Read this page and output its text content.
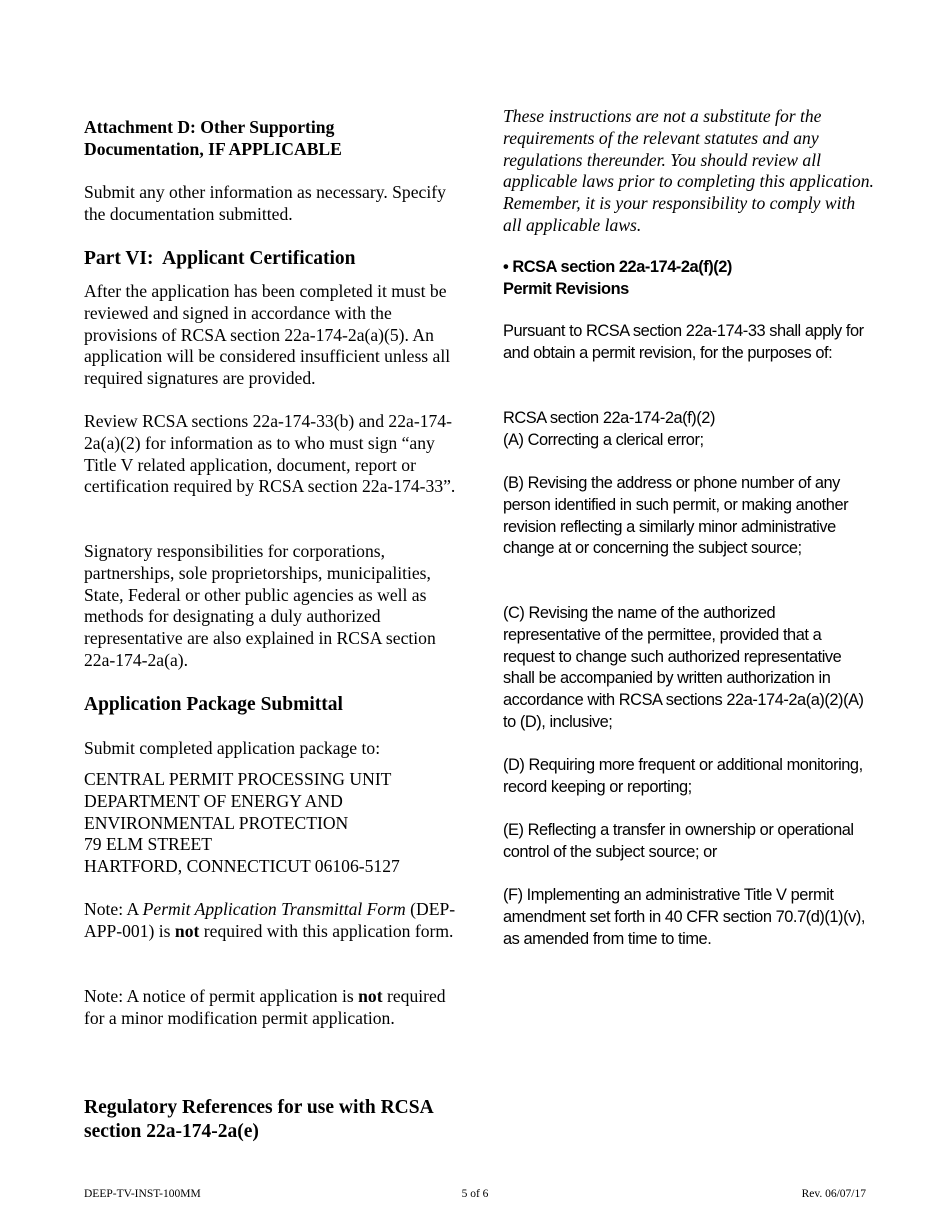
Attachment D: Other Supporting Documentation, IF APPLICABLE

Submit any other information as necessary. Specify the documentation submitted.

Part VI:  Applicant Certification

After the application has been completed it must be reviewed and signed in accordance with the provisions of RCSA section 22a-174-2a(a)(5). An application will be considered insufficient unless all required signatures are provided.

Review RCSA sections 22a-174-33(b) and 22a-174-2a(a)(2) for information as to who must sign “any Title V related application, document, report or certification required by RCSA section 22a-174-33”.

Signatory responsibilities for corporations, partnerships, sole proprietorships, municipalities, State, Federal or other public agencies as well as methods for designating a duly authorized representative are also explained in RCSA section 22a-174-2a(a).

Application Package Submittal

Submit completed application package to:

CENTRAL PERMIT PROCESSING UNIT
DEPARTMENT OF ENERGY AND
ENVIRONMENTAL PROTECTION
79 ELM STREET
HARTFORD, CONNECTICUT 06106-5127

Note: A Permit Application Transmittal Form (DEP-APP-001) is not required with this application form.

Note: A notice of permit application is not required for a minor modification permit application.

Regulatory References for use with RCSA section 22a-174-2a(e)

These instructions are not a substitute for the requirements of the relevant statutes and any regulations thereunder. You should review all applicable laws prior to completing this application. Remember, it is your responsibility to comply with all applicable laws.

• RCSA section 22a-174-2a(f)(2)
Permit Revisions

Pursuant to RCSA section 22a-174-33 shall apply for and obtain a permit revision, for the purposes of:

RCSA section 22a-174-2a(f)(2)
(A) Correcting a clerical error;

(B) Revising the address or phone number of any person identified in such permit, or making another revision reflecting a similarly minor administrative change at or concerning the subject source;

(C) Revising the name of the authorized representative of the permittee, provided that a request to change such authorized representative shall be accompanied by written authorization in accordance with RCSA sections 22a-174-2a(a)(2)(A) to (D), inclusive;

(D) Requiring more frequent or additional monitoring, record keeping or reporting;

(E) Reflecting a transfer in ownership or operational control of the subject source; or

(F) Implementing an administrative Title V permit amendment set forth in 40 CFR section 70.7(d)(1)(v), as amended from time to time.

DEEP-TV-INST-100MM	5 of 6	Rev. 06/07/17
